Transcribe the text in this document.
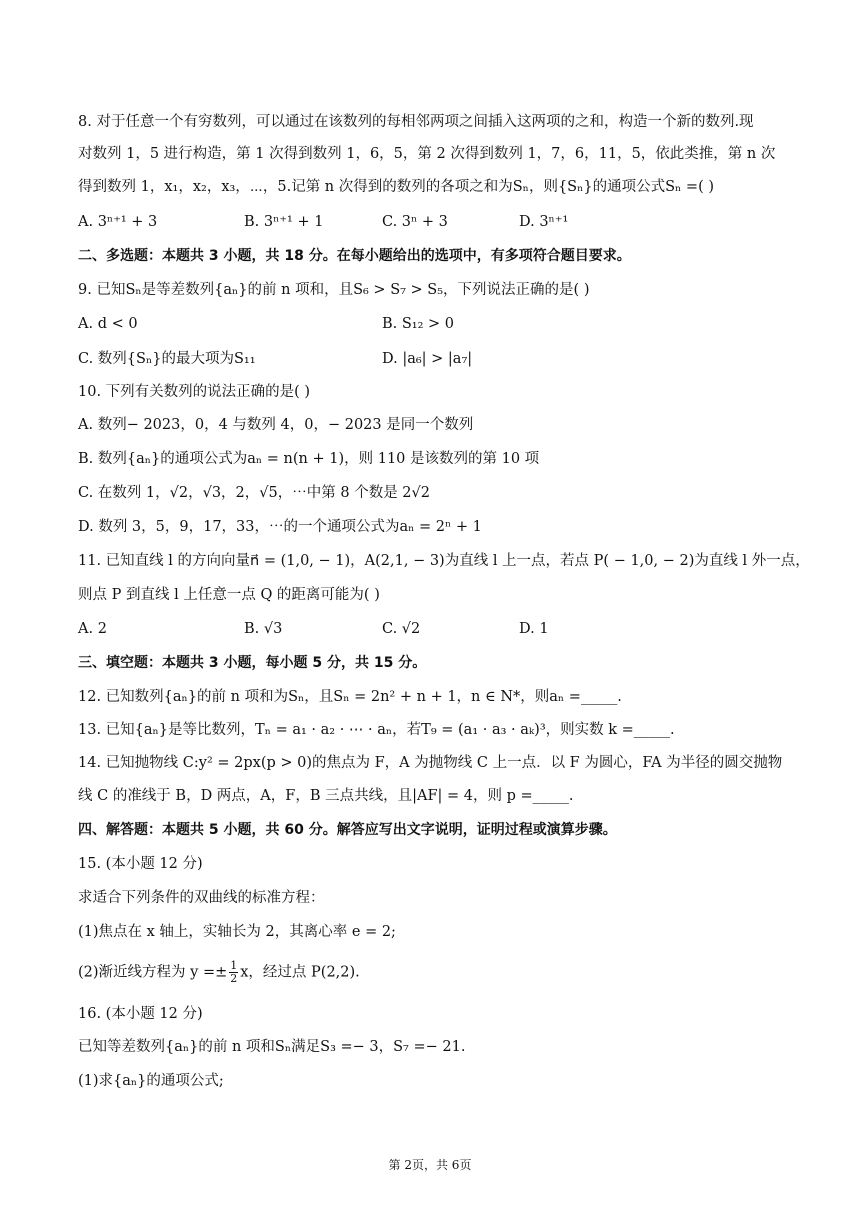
8. 对于任意一个有穷数列，可以通过在该数列的每相邻两项之间插入这两项的之和，构造一个新的数列.现
对数列 1，5 进行构造，第 1 次得到数列 1，6，5，第 2 次得到数列 1，7，6，11，5，依此类推，第 n 次
得到数列 1，x₁，x₂，x₃，⋯，5.记第 n 次得到的数列的各项之和为Sₙ，则{Sₙ}的通项公式Sₙ =( )
A. 3ⁿ⁺¹ + 3	B. 3ⁿ⁺¹ + 1	C. 3ⁿ + 3	D. 3ⁿ⁺¹
二、多选题：本题共 3 小题，共 18 分。在每小题给出的选项中，有多项符合题目要求。
9. 已知Sₙ是等差数列{aₙ}的前 n 项和，且S₆ > S₇ > S₅，下列说法正确的是( )
A. d < 0	B. S₁₂ > 0
C. 数列{Sₙ}的最大项为S₁₁	D. |a₆| > |a₇|
10. 下列有关数列的说法正确的是( )
A. 数列− 2023，0，4 与数列 4，0，− 2023 是同一个数列
B. 数列{aₙ}的通项公式为aₙ = n(n + 1)，则 110 是该数列的第 10 项
C. 在数列 1，√2，√3，2，√5，⋯中第 8 个数是 2√2
D. 数列 3，5，9，17，33，⋯的一个通项公式为aₙ = 2ⁿ + 1
11. 已知直线 l 的方向向量n⃗ = (1,0, − 1)，A(2,1, − 3)为直线 l 上一点，若点 P( − 1,0, − 2)为直线 l 外一点，
则点 P 到直线 l 上任意一点 Q 的距离可能为( )
A. 2	B. √3	C. √2	D. 1
三、填空题：本题共 3 小题，每小题 5 分，共 15 分。
12. 已知数列{aₙ}的前 n 项和为Sₙ，且Sₙ = 2n² + n + 1，n ∈ N*，则aₙ =_____.
13. 已知{aₙ}是等比数列，Tₙ = a₁ · a₂ · ⋯ · aₙ，若T₉ = (a₁ · a₃ · aₖ)³，则实数 k =_____.
14. 已知抛物线 C:y² = 2px(p > 0)的焦点为 F，A 为抛物线 C 上一点．以 F 为圆心，FA 为半径的圆交抛物
线 C 的准线于 B，D 两点，A，F，B 三点共线，且|AF| = 4，则 p =_____.
四、解答题：本题共 5 小题，共 60 分。解答应写出文字说明，证明过程或演算步骤。
15. (本小题 12 分)
求适合下列条件的双曲线的标准方程：
(1)焦点在 x 轴上，实轴长为 2，其离心率 e = 2;
(2)渐近线方程为 $y =\pm \frac{1}{2}$ x，经过点 P(2,2).
16. (本小题 12 分)
已知等差数列{aₙ}的前 n 项和Sₙ满足S₃ =− 3，S₇ =− 21.
(1)求{aₙ}的通项公式;
第 2页，共 6页
